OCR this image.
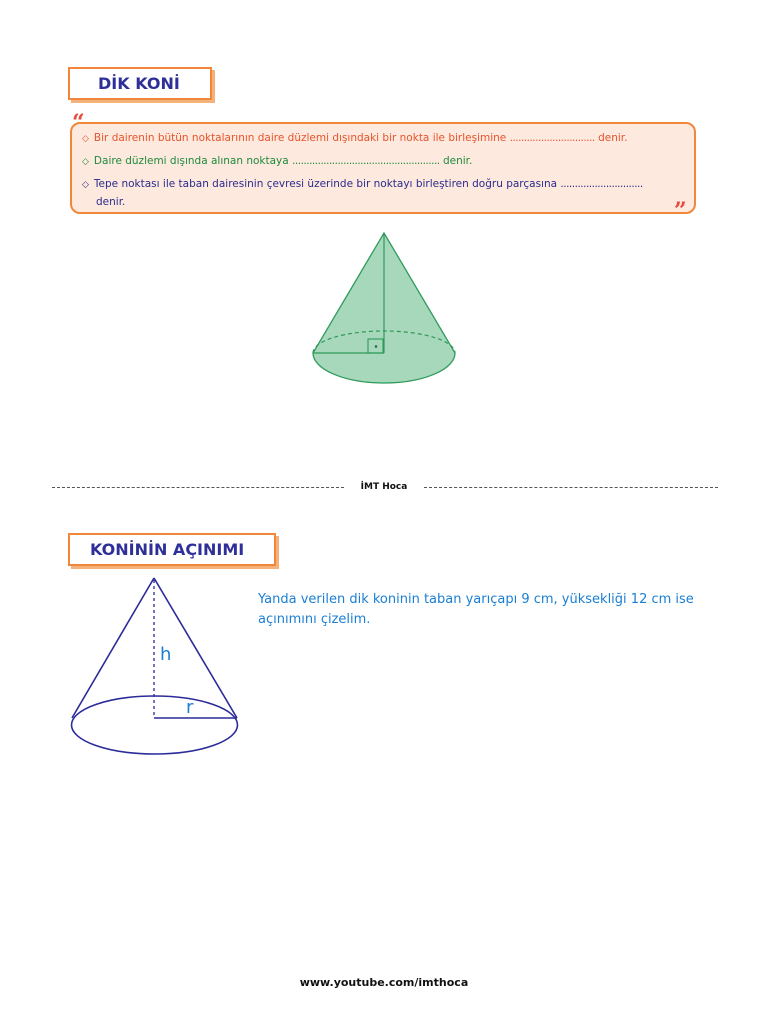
DİK KONİ
“
”
◇ Bir dairenin bütün noktalarının daire düzlemi dışındaki bir nokta ile birleşimine .............................. denir.
◇ Daire düzlemi dışında alınan noktaya .................................................... denir.
◇ Tepe noktası ile taban dairesinin çevresi üzerinde bir noktayı birleştiren doğru parçasına .............................
denir.
İMT Hoca
KONİNİN AÇINIMI
h
r
Yanda verilen dik koninin taban yarıçapı 9 cm, yüksekliği 12 cm ise açınımını çizelim.
www.youtube.com/imthoca
